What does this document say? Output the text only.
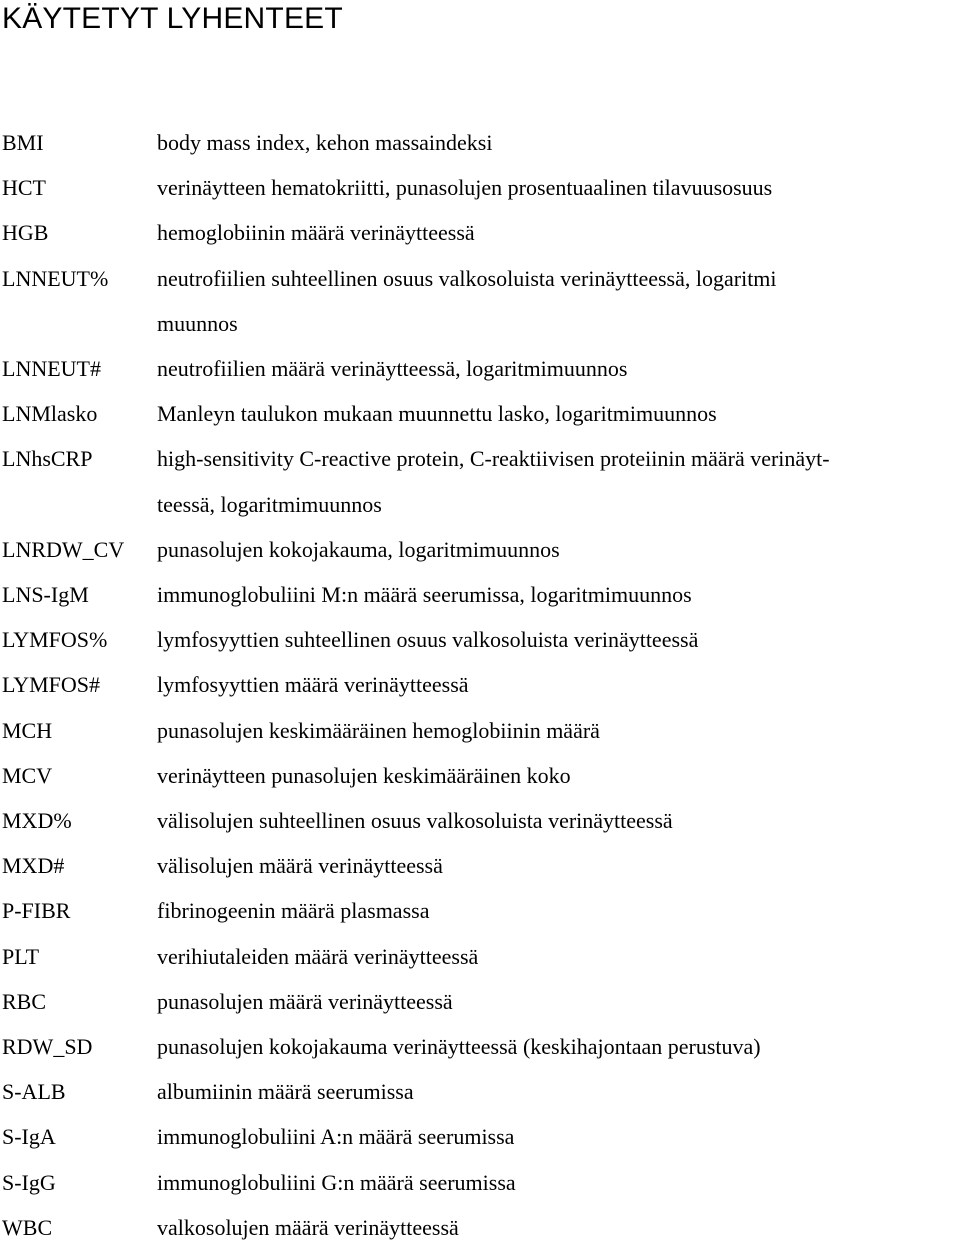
KÄYTETYT LYHENTEET
BMI	body mass index, kehon massaindeksi
HCT	verinäytteen hematokriitti, punasolujen prosentuaalinen tilavuusosuus
HGB	hemoglobiinin määrä verinäytteessä
LNNEUT%	neutrofiilien suhteellinen osuus valkosoluista verinäytteessä, logaritmi
muunnos
LNNEUT#	neutrofiilien määrä verinäytteessä, logaritmimuunnos
LNMlasko	Manleyn taulukon mukaan muunnettu lasko, logaritmimuunnos
LNhsCRP	high-sensitivity C-reactive protein, C-reaktiivisen proteiinin määrä verinäyt-
teessä, logaritmimuunnos
LNRDW_CV	punasolujen kokojakauma, logaritmimuunnos
LNS-IgM	immunoglobuliini M:n määrä seerumissa, logaritmimuunnos
LYMFOS%	lymfosyyttien suhteellinen osuus valkosoluista verinäytteessä
LYMFOS#	lymfosyyttien määrä verinäytteessä
MCH	punasolujen keskimääräinen hemoglobiinin määrä
MCV	verinäytteen punasolujen keskimääräinen koko
MXD%	välisolujen suhteellinen osuus valkosoluista verinäytteessä
MXD#	välisolujen määrä verinäytteessä
P-FIBR	fibrinogeenin määrä plasmassa
PLT	verihiutaleiden määrä verinäytteessä
RBC	punasolujen määrä verinäytteessä
RDW_SD	punasolujen kokojakauma verinäytteessä (keskihajontaan perustuva)
S-ALB	albumiinin määrä seerumissa
S-IgA	immunoglobuliini A:n määrä seerumissa
S-IgG	immunoglobuliini G:n määrä seerumissa
WBC	valkosolujen määrä verinäytteessä
